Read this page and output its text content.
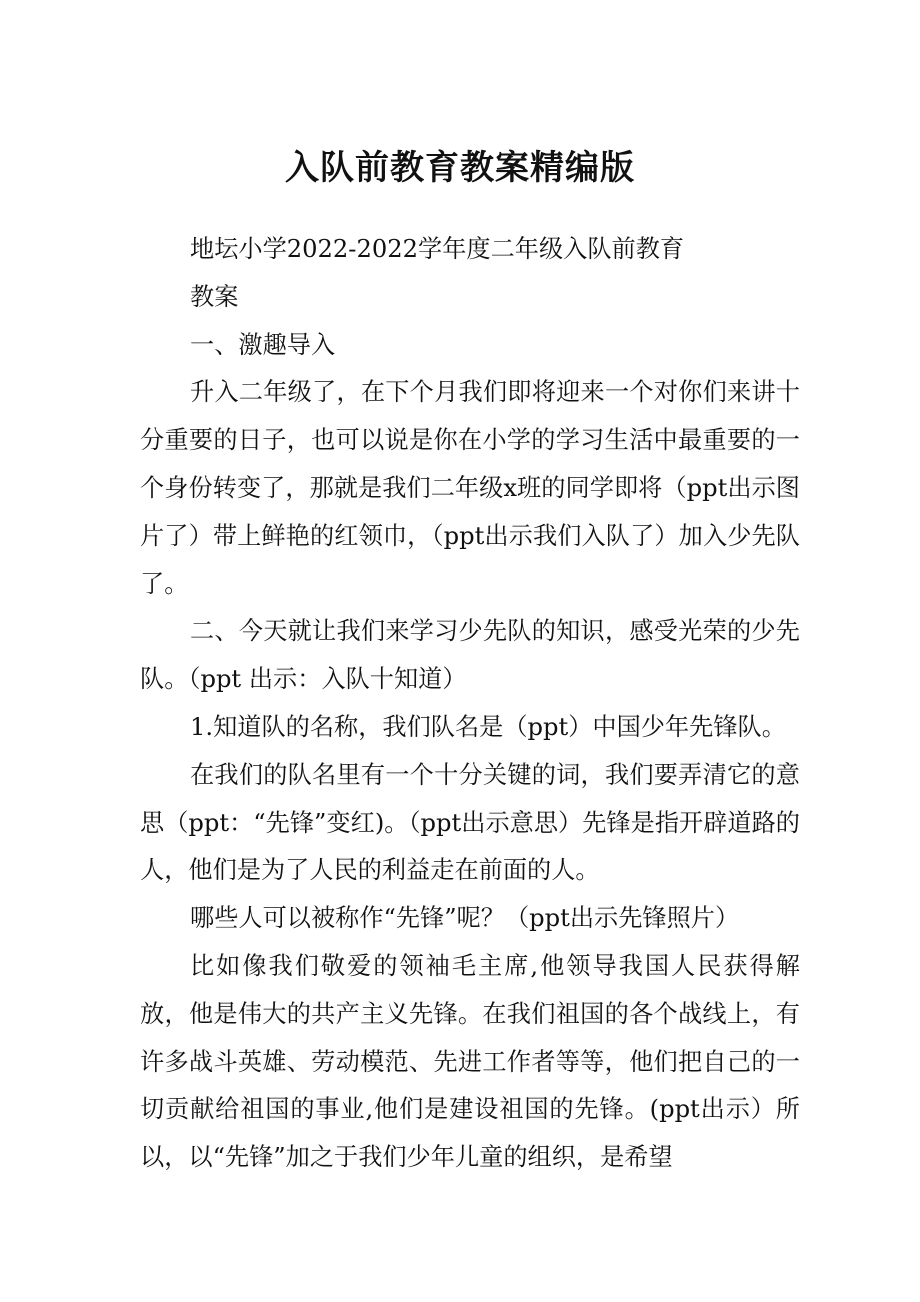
入队前教育教案精编版

地坛小学2022-2022学年度二年级入队前教育

教案

一、激趣导入

升入二年级了，在下个月我们即将迎来一个对你们来讲十分重要的日子，也可以说是你在小学的学习生活中最重要的一个身份转变了，那就是我们二年级x班的同学即将（ppt出示图片了）带上鲜艳的红领巾，（ppt出示我们入队了）加入少先队了。

二、今天就让我们来学习少先队的知识，感受光荣的少先队。（ppt 出示：入队十知道）

1.知道队的名称，我们队名是（ppt）中国少年先锋队。

在我们的队名里有一个十分关键的词，我们要弄清它的意思（ppt：“先锋”变红)。（ppt出示意思）先锋是指开辟道路的人，他们是为了人民的利益走在前面的人。

哪些人可以被称作“先锋”呢？（ppt出示先锋照片）

比如像我们敬爱的领袖毛主席,他领导我国人民获得解放，他是伟大的共产主义先锋。在我们祖国的各个战线上，有许多战斗英雄、劳动模范、先进工作者等等，他们把自己的一切贡献给祖国的事业,他们是建设祖国的先锋。(ppt出示）所以，以“先锋”加之于我们少年儿童的组织，是希望
